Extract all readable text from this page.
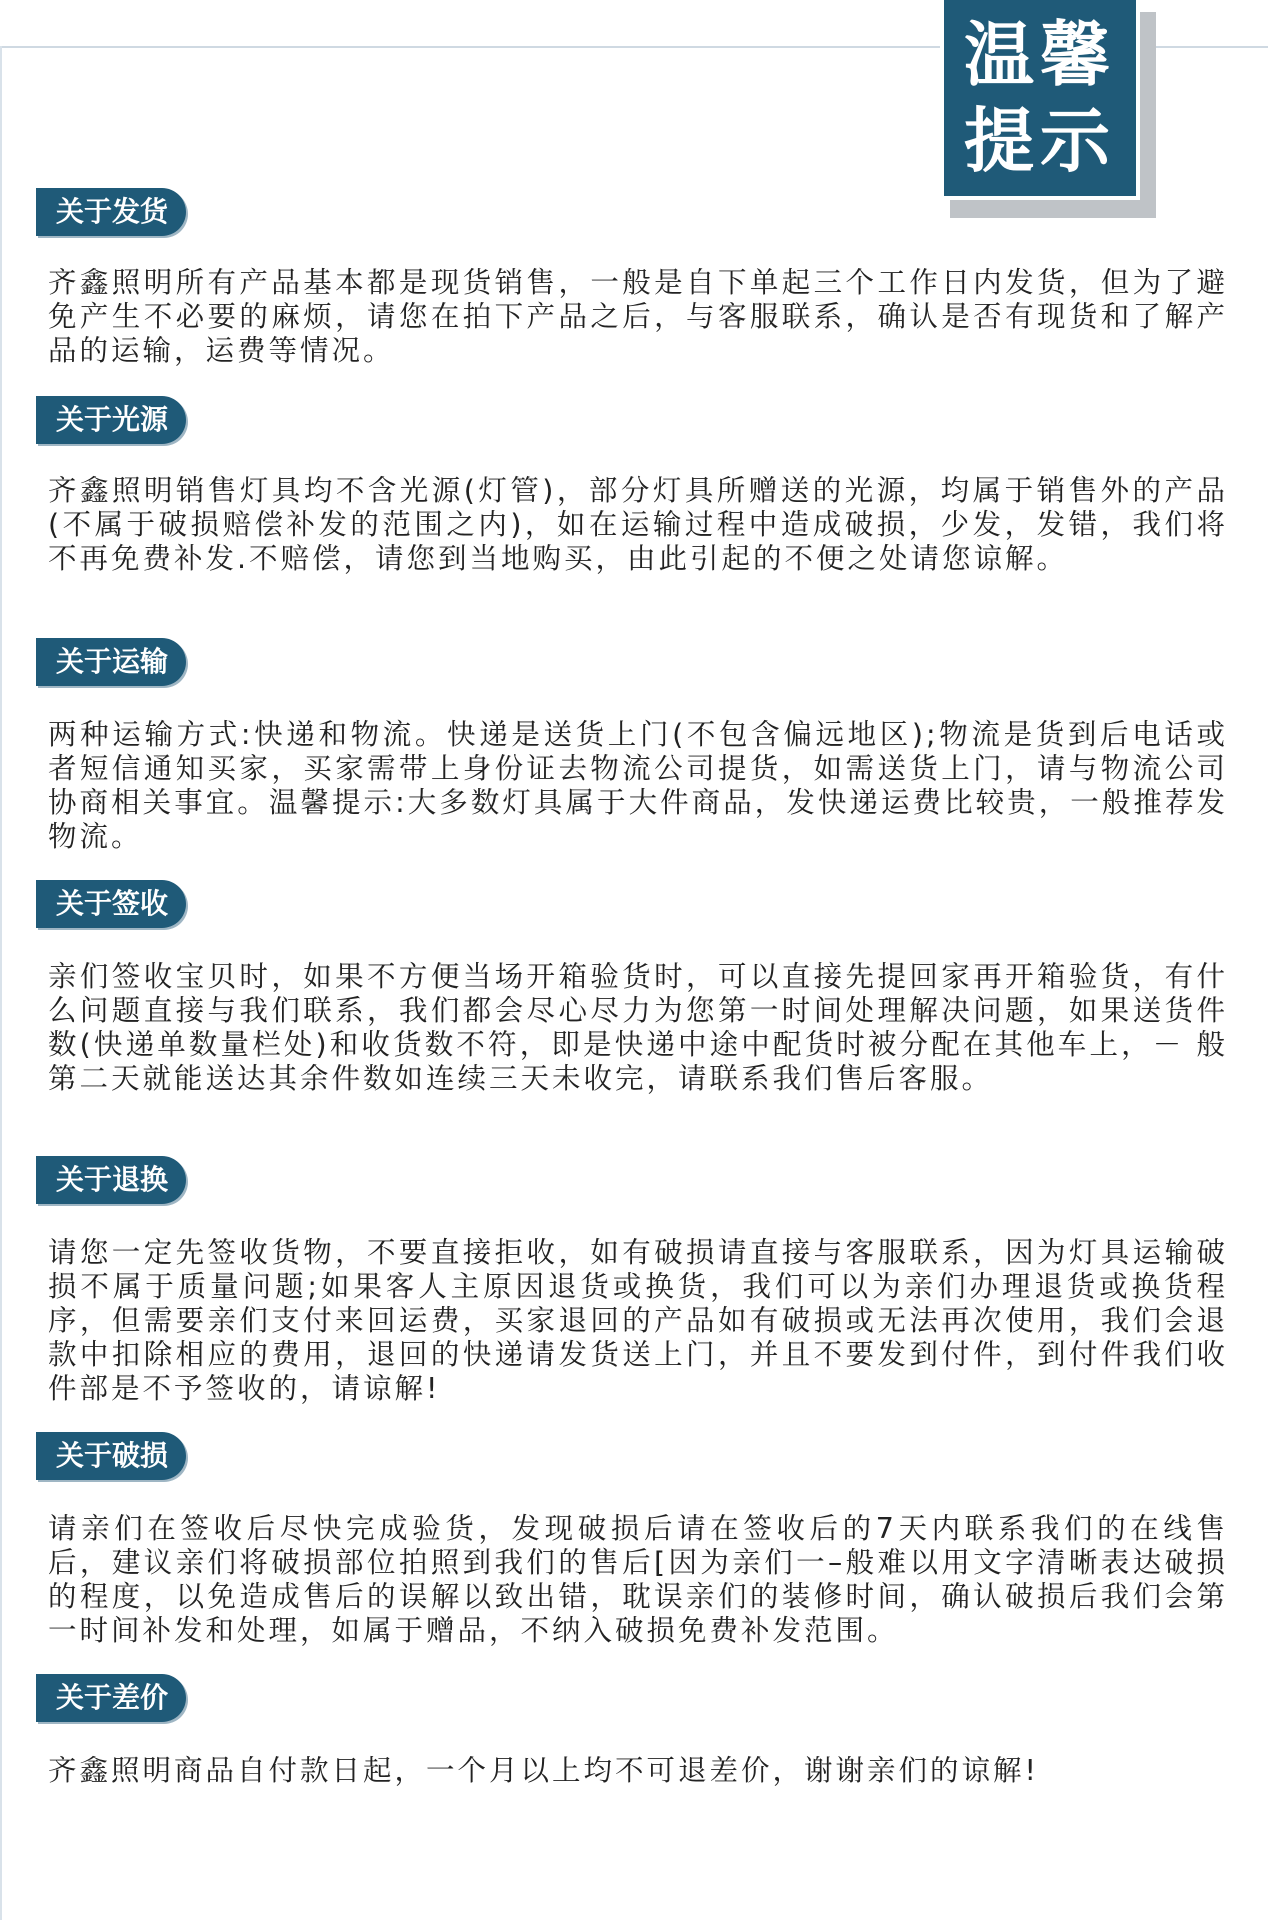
温馨
提示
关于发货

齐鑫照明所有产品基本都是现货销售，一般是自下单起三个工作日内发货，但为了避免产生不必要的麻烦，请您在拍下产品之后，与客服联系，确认是否有现货和了解产品的运输，运费等情况。

关于光源

齐鑫照明销售灯具均不含光源(灯管)，部分灯具所赠送的光源，均属于销售外的产品(不属于破损赔偿补发的范围之内)，如在运输过程中造成破损，少发，发错，我们将不再免费补发.不赔偿，请您到当地购买，由此引起的不便之处请您谅解。

关于运输

两种运输方式:快递和物流。快递是送货上门(不包含偏远地区);物流是货到后电话或者短信通知买家，买家需带上身份证去物流公司提货，如需送货上门，请与物流公司协商相关事宜。温馨提示:大多数灯具属于大件商品，发快递运费比较贵，一般推荐发物流。

关于签收

亲们签收宝贝时，如果不方便当场开箱验货时，可以直接先提回家再开箱验货，有什么问题直接与我们联系，我们都会尽心尽力为您第一时间处理解决问题，如果送货件数(快递单数量栏处)和收货数不符，即是快递中途中配货时被分配在其他车上，－ 般第二天就能送达其余件数如连续三天未收完，请联系我们售后客服。

关于退换

请您一定先签收货物，不要直接拒收，如有破损请直接与客服联系，因为灯具运输破损不属于质量问题;如果客人主原因退货或换货，我们可以为亲们办理退货或换货程序，但需要亲们支付来回运费，买家退回的产品如有破损或无法再次使用，我们会退款中扣除相应的费用，退回的快递请发货送上门，并且不要发到付件，到付件我们收件部是不予签收的，请谅解!

关于破损

请亲们在签收后尽快完成验货，发现破损后请在签收后的7天内联系我们的在线售后，建议亲们将破损部位拍照到我们的售后[因为亲们一–般难以用文字清晰表达破损的程度，以免造成售后的误解以致出错，耽误亲们的装修时间，确认破损后我们会第一时间补发和处理，如属于赠品，不纳入破损免费补发范围。

关于差价

齐鑫照明商品自付款日起，一个月以上均不可退差价，谢谢亲们的谅解!
